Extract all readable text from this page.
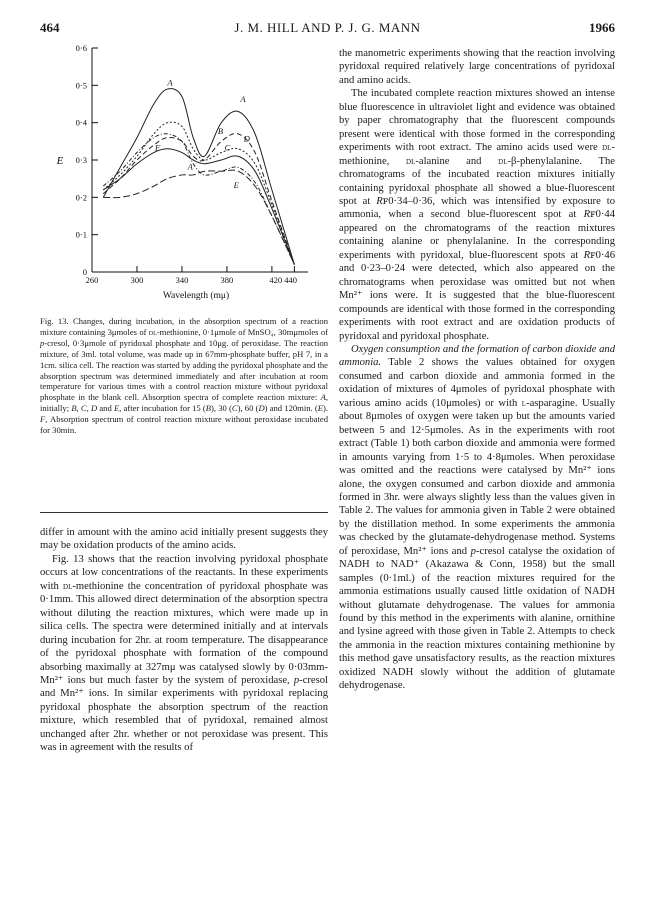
464	J. M. HILL AND P. J. G. MANN	1966
0
0·1
0·2
0·3
0·4
0·5
0·6
260	300	340	380	420 440
Wavelength (mμ)
E
A
B
C
D
E
F
A
A
Fig. 13. Changes, during incubation, in the absorption spectrum of a reaction mixture containing 3μmoles of dl-methionine, 0·1μmole of MnSO₄, 30mμmoles of p-cresol, 0·3μmole of pyridoxal phosphate and 10μg. of peroxidase. The reaction mixture, of 3ml. total volume, was made up in 67mm-phosphate buffer, pH 7, in a 1cm. silica cell. The reaction was started by adding the pyridoxal phosphate and the absorption spectrum was determined immediately and after incubation at room temperature for various times with a control reaction mixture without pyridoxal phosphate in the blank cell. Absorption spectra of complete reaction mixture: A, initially; B, C, D and E, after incubation for 15 (B), 30 (C), 60 (D) and 120min. (E). F, Absorption spectrum of control reaction mixture without peroxidase incubated for 30min.

differ in amount with the amino acid initially present suggests they may be oxidation products of the amino acids.

Fig. 13 shows that the reaction involving pyridoxal phosphate occurs at low concentrations of the reactants. In these experiments with dl-methionine the concentration of pyridoxal phosphate was 0·1mm. This allowed direct determination of the absorption spectra without diluting the reaction mixtures, which were made up in silica cells. The spectra were determined initially and at intervals during incubation for 2hr. at room temperature. The disappearance of the pyridoxal phosphate with formation of the compound absorbing maximally at 327mμ was catalysed slowly by 0·03mm-Mn²⁺ ions but much faster by the system of peroxidase, p-cresol and Mn²⁺ ions. In similar experiments with pyridoxal replacing pyridoxal phosphate the absorption spectrum of the reaction mixture, which resembled that of pyridoxal, remained almost unchanged after 2hr. whether or not peroxidase was present. This was in agreement with the results of

the manometric experiments showing that the reaction involving pyridoxal required relatively large concentrations of pyridoxal and amino acids.

The incubated complete reaction mixtures showed an intense blue fluorescence in ultraviolet light and evidence was obtained by paper chromatography that the fluorescent compounds present were identical with those formed in the corresponding experiments with root extract. The amino acids used were dl-methionine, dl-alanine and dl-β-phenylalanine. The chromatograms of the incubated reaction mixtures initially containing pyridoxal phosphate all showed a blue-fluorescent spot at Rꜰ0·34–0·36, which was intensified by exposure to ammonia, when a second blue-fluorescent spot at Rꜰ0·44 appeared on the chromatograms of the reaction mixtures containing alanine or phenylalanine. In the corresponding experiments with pyridoxal, blue-fluorescent spots at Rꜰ0·46 and 0·23–0·24 were detected, which also appeared on the chromatograms when peroxidase was omitted but not when Mn²⁺ ions were. It is suggested that the blue-fluorescent compounds are identical with those formed in the corresponding experiments with root extract and are oxidation products of pyridoxal and pyridoxal phosphate.

Oxygen consumption and the formation of carbon dioxide and ammonia. Table 2 shows the values obtained for oxygen consumed and carbon dioxide and ammonia formed in the oxidation of mixtures of 4μmoles of pyridoxal phosphate with various amino acids (10μmoles) or with l-asparagine. Usually about 8μmoles of oxygen were taken up but the amounts varied between 5 and 12·5μmoles. As in the experiments with root extract (Table 1) both carbon dioxide and ammonia were formed in amounts varying from 1·5 to 4·8μmoles. When peroxidase was omitted and the reactions were catalysed by Mn²⁺ ions alone, the oxygen consumed and carbon dioxide and ammonia formed in 3hr. were always slightly less than the values given in Table 2. The values for ammonia given in Table 2 were obtained by the distillation method. In some experiments the ammonia was checked by the glutamate-dehydrogenase method. Systems of peroxidase, Mn²⁺ ions and p-cresol catalyse the oxidation of NADH to NAD⁺ (Akazawa & Conn, 1958) but the small samples (0·1ml.) of the reaction mixtures required for the ammonia estimations usually caused little oxidation of NADH without glutamate dehydrogenase. The values for ammonia found by this method in the experiments with alanine, ornithine and lysine agreed with those given in Table 2. Attempts to check the ammonia in the reaction mixtures containing methionine by this method gave unsatisfactory results, as the reaction mixtures oxidized NADH slowly without the addition of glutamate dehydrogenase.
